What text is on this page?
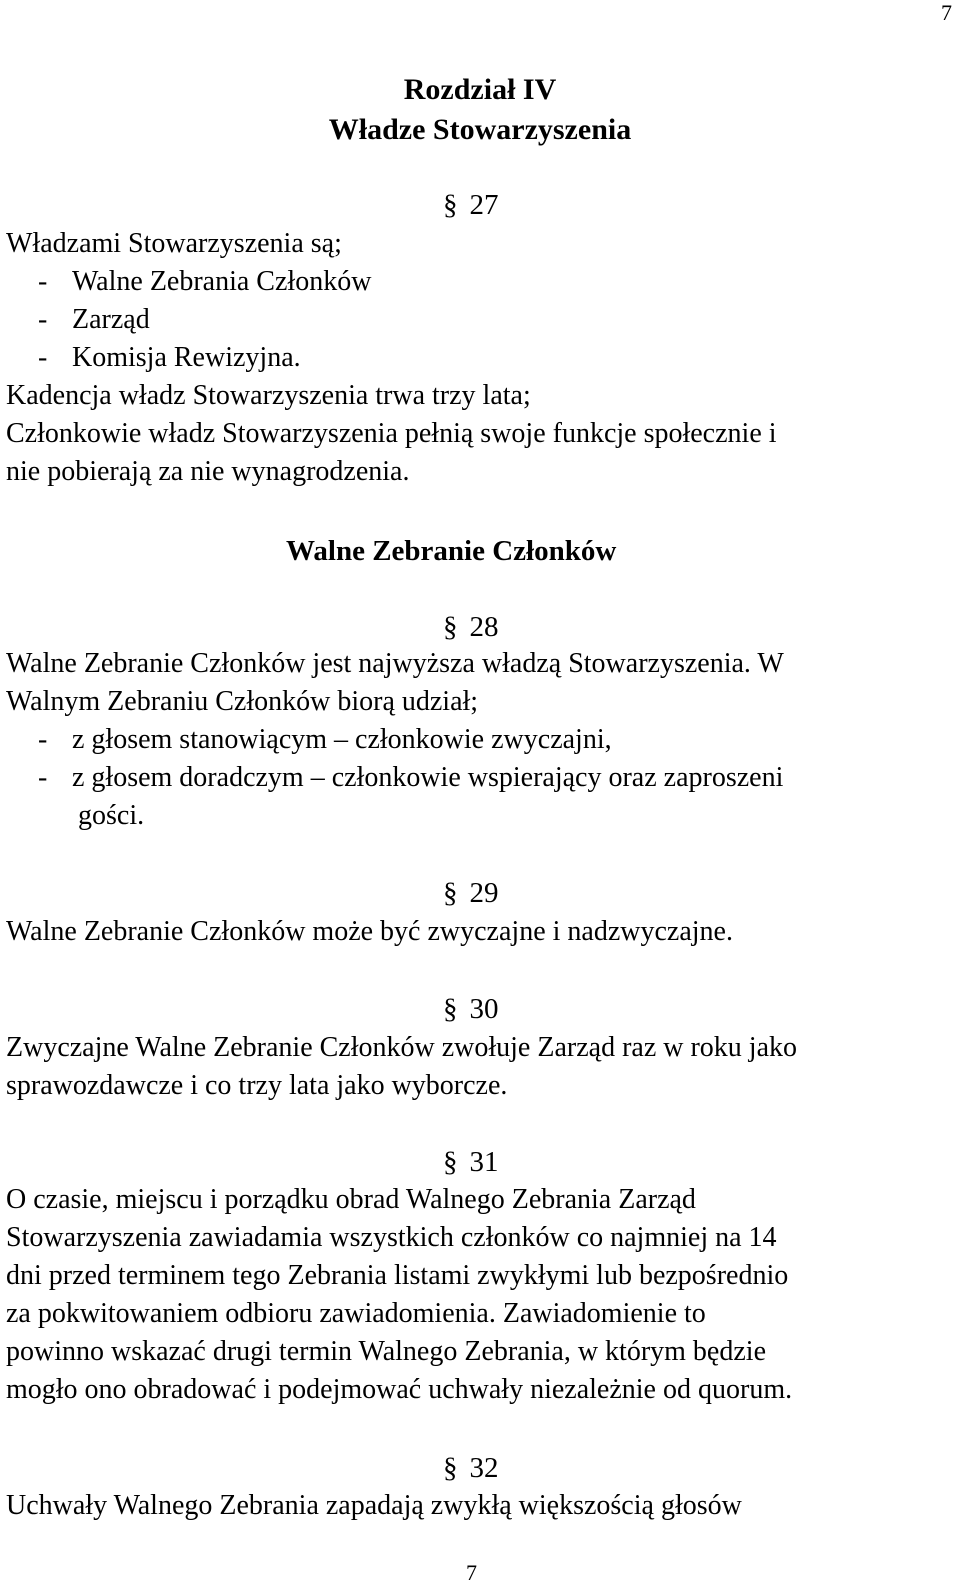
7
Rozdział IV
Władze Stowarzyszenia
§ 27
Władzami Stowarzyszenia są;
- Walne Zebrania Członków
- Zarząd
- Komisja Rewizyjna.
Kadencja władz Stowarzyszenia trwa trzy lata;
Członkowie władz Stowarzyszenia pełnią swoje funkcje społecznie i
nie pobierają za nie wynagrodzenia.
Walne Zebranie Członków
§ 28
Walne Zebranie Członków jest najwyższa władzą Stowarzyszenia. W
Walnym Zebraniu Członków biorą udział;
- z głosem stanowiącym – członkowie zwyczajni,
- z głosem doradczym – członkowie wspierający oraz zaproszeni
gości.
§ 29
Walne Zebranie Członków może być zwyczajne i nadzwyczajne.
§ 30
Zwyczajne Walne Zebranie Członków zwołuje Zarząd raz w roku jako
sprawozdawcze i co trzy lata jako wyborcze.
§ 31
O czasie, miejscu i porządku obrad Walnego Zebrania Zarząd
Stowarzyszenia zawiadamia wszystkich członków co najmniej na 14
dni przed terminem tego Zebrania listami zwykłymi lub bezpośrednio
za pokwitowaniem odbioru zawiadomienia. Zawiadomienie to
powinno wskazać drugi termin Walnego Zebrania, w którym będzie
mogło ono obradować i podejmować uchwały niezależnie od quorum.
§ 32
Uchwały Walnego Zebrania zapadają zwykłą większością głosów
7
